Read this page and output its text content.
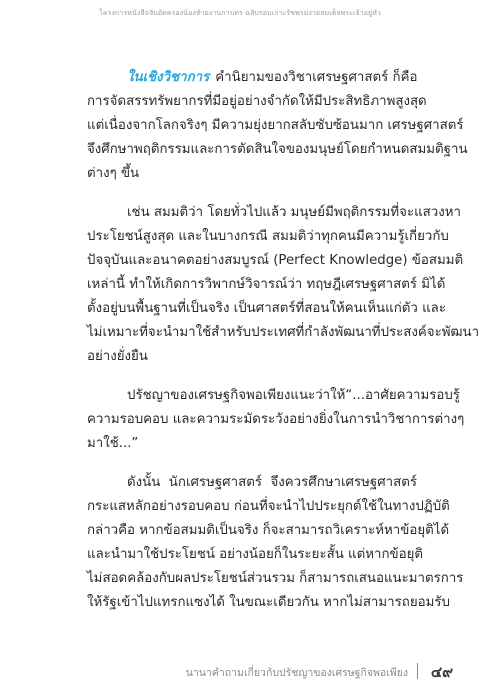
โครงการหนังสือจับอัดครองน้องท้ายงานกาบทร ฉลับรอบเกาะรัชพรมงายสมเด็จพระเจ้าอยู่หัว
ในเชิงวิชาการ คำนิยามของวิชาเศรษฐศาสตร์ ก็คือ
การจัดสรรทรัพยากรที่มีอยู่อย่างจำกัดให้มีประสิทธิภาพสูงสุด
แต่เนื่องจากโลกจริงๆ มีความยุ่งยากสลับซับซ้อนมาก เศรษฐศาสตร์
จึงศึกษาพฤติกรรมและการตัดสินใจของมนุษย์โดยกำหนดสมมติฐาน
ต่างๆ ขึ้น
เช่น สมมติว่า โดยทั่วไปแล้ว มนุษย์มีพฤติกรรมที่จะแสวงหา
ประโยชน์สูงสุด และในบางกรณี สมมติว่าทุกคนมีความรู้เกี่ยวกับ
ปัจจุบันและอนาคตอย่างสมบูรณ์ (Perfect Knowledge) ข้อสมมติ
เหล่านี้ ทำให้เกิดการวิพากษ์วิจารณ์ว่า ทฤษฎีเศรษฐศาสตร์ มิได้
ตั้งอยู่บนพื้นฐานที่เป็นจริง เป็นศาสตร์ที่สอนให้คนเห็นแก่ตัว และ
ไม่เหมาะที่จะนำมาใช้สำหรับประเทศที่กำลังพัฒนาที่ประสงค์จะพัฒนา
อย่างยั่งยืน
ปรัชญาของเศรษฐกิจพอเพียงแนะว่าให้“...อาศัยความรอบรู้
ความรอบคอบ และความระมัดระวังอย่างยิ่งในการนำวิชาการต่างๆ
มาใช้...”
ดังนั้น นักเศรษฐศาสตร์ จึงควรศึกษาเศรษฐศาสตร์
กระแสหลักอย่างรอบคอบ ก่อนที่จะนำไปประยุกต์ใช้ในทางปฏิบัติ
กล่าวคือ หากข้อสมมติเป็นจริง ก็จะสามารถวิเคราะห์หาข้อยุติได้
และนำมาใช้ประโยชน์ อย่างน้อยก็ในระยะสั้น แต่หากข้อยุติ
ไม่สอดคล้องกับผลประโยชน์ส่วนรวม ก็สามารถเสนอแนะมาตรการ
ให้รัฐเข้าไปแทรกแซงได้ ในขณะเดียวกัน หากไม่สามารถยอมรับ
นานาคำถามเกี่ยวกับปรัชญาของเศรษฐกิจพอเพียง	๔๙
